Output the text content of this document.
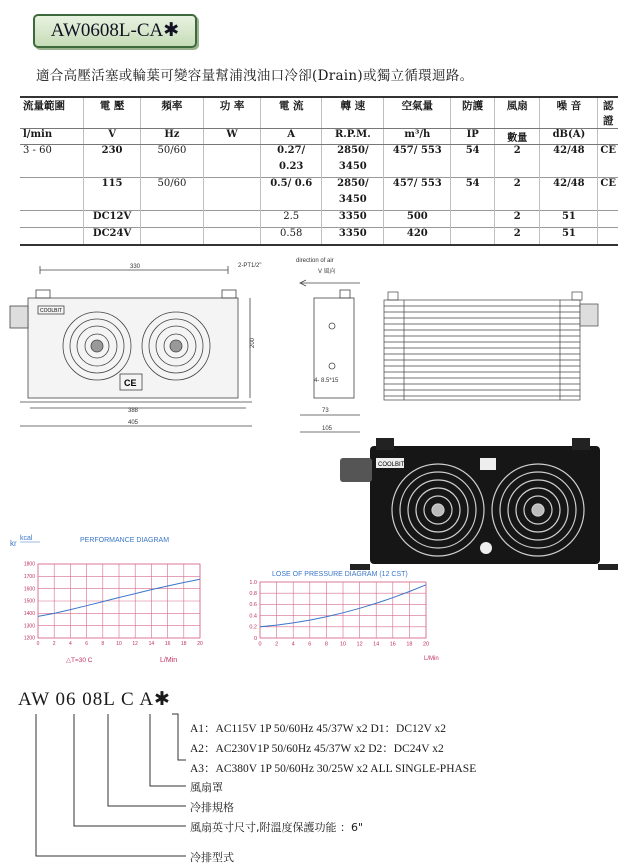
AW0608L-CA✱
適合高壓活塞或輪葉可變容量幫浦洩油口冷卻(Drain)或獨立循環迴路。
流量範圍	電 壓	頻率	功 率	電 流	轉 速	空氣量	防護	風扇	噪 音	認證
l/min	V	Hz	W	A	R.P.M.	m³/h	IP	數量	dB(A)	
3 - 60	230	50/60		0.27/	2850/	457/ 553	54	2	42/48	CE
				0.23	3450					
	115	50/60		0.5/ 0.6	2850/	457/ 553	54	2	42/48	CE
					3450					
	DC12V			2.5	3350	500		2	51	
	DC24V			0.58	3350	420		2	51	
330	2-PT1/2"
388
405
200
COOLBIT
CE
direction of air
V 風向
4- 8.5*15
73
105
COOLBIT
kr
kcal	PERFORMANCE DIAGRAM
0	2	4	6	8 10 12 14 16 18 20
1200
1300
1400
1500
1600
1700
1800
△T=30 C	L/Min
LOSE OF PRESSURE DIAGRAM (12 CST)
0 2 4 6 8 10 12 14 16 18 20
0
0.2
0.4
0.6
0.8
1.0
L/Min
AW 06 08L C A✱
A1：AC115V 1P 50/60Hz 45/37W x2 D1：DC12V x2
A2：AC230V1P 50/60Hz 45/37W x2 D2：DC24V x2
A3：AC380V 1P 50/60Hz 30/25W x2 ALL SINGLE-PHASE
風扇罩
冷排規格
風扇英寸尺寸,附溫度保護功能 ：6"
冷排型式
